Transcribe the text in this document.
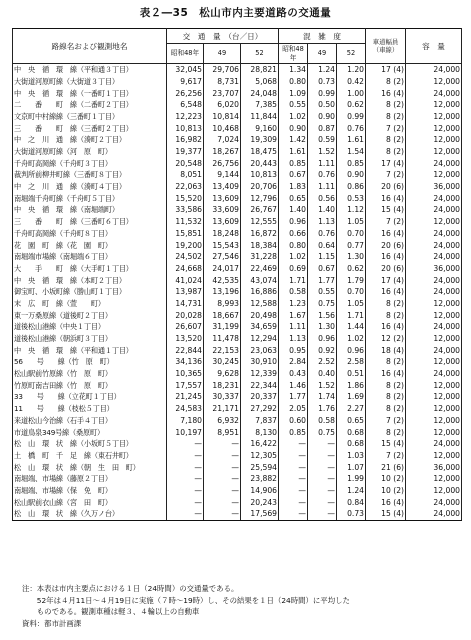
表２―35　松山市内主要道路の交通量
路線名および観測地名	交　通　量　（台／日）			混　雑　度			車道幅員（車線）	容　量
	昭和48年	49	52	昭和48年	49	52		
中　央　循　環　線（平和通３丁目）	32,045	29,706	28,821	1.34	1.24	1.20	17 (4)	24,000
大街道河原町線（大街道３丁目）	9,617	8,731	5,068	0.80	0.73	0.42	8 (2)	12,000
中　央　循　環　線（一番町１丁目）	26,256	23,707	24,048	1.09	0.99	1.00	16 (4)	24,000
二　　番　　町　線（二番町２丁目）	6,548	6,020	7,385	0.55	0.50	0.62	8 (2)	12,000
文京町中村線線（三番町１丁目）	12,223	10,814	11,844	1.02	0.90	0.99	8 (2)	12,000
三　　番　　町　線（三番町２丁目）	10,813	10,468	9,160	0.90	0.87	0.76	7 (2)	12,000
中　之　川　通　線（湊町２丁目）	16,982	7,024	19,309	1.42	0.59	1.61	8 (2)	12,000
大街道河原町線（河　原　町）	19,377	18,267	18,475	1.61	1.52	1.54	8 (2)	12,000
千舟町高岡線（千舟町３丁目）	20,548	26,756	20,443	0.85	1.11	0.85	17 (4)	24,000
裁判所前柳井町線（三番町８丁目）	8,051	9,144	10,813	0.67	0.76	0.90	7 (2)	12,000
中　之　川　通　線（湊町４丁目）	22,063	13,409	20,706	1.83	1.11	0.86	20 (6)	36,000
南堀端千舟町線（千舟町５丁目）	15,520	13,609	12,796	0.65	0.56	0.53	16 (4)	24,000
中　央　循　環　線（南堀端町）	33,586	33,609	26,767	1.40	1.40	1.12	15 (4)	24,000
三　　番　　町　線（三番町６丁目）	11,532	13,609	12,555	0.96	1.13	1.05	7 (2)	12,000
千舟町高岡線（千舟町８丁目）	15,851	18,248	16,872	0.66	0.76	0.70	16 (4)	24,000
花　園　町　線（花　園　町）	19,200	15,543	18,384	0.80	0.64	0.77	20 (6)	24,000
南堀端市場線（南堀端６丁目）	24,502	27,546	31,228	1.02	1.15	1.30	16 (4)	24,000
大　　手　　町　線（大手町１丁目）	24,668	24,017	22,469	0.69	0.67	0.62	20 (6)	36,000
中　央　循　環　線（本町２丁目）	41,024	42,535	43,074	1.71	1.77	1.79	17 (4)	24,000
御宝町、小坂町線（勝山町１丁目）	13,987	13,196	16,886	0.58	0.55	0.70	16 (4)	24,000
末　広　町　線（萱　　町）	14,731	8,993	12,588	1.23	0.75	1.05	8 (2)	12,000
東一万桑原線（道後町２丁目）	20,028	18,667	20,498	1.67	1.56	1.71	8 (2)	12,000
道後松山港線（中央１丁目）	26,607	31,199	34,659	1.11	1.30	1.44	16 (4)	24,000
道後松山港線（朝浜町３丁目）	13,520	11,478	12,294	1.13	0.96	1.02	12 (2)	12,000
中　央　循　環　線（平和通１丁目）	22,844	22,153	23,063	0.95	0.92	0.96	18 (4)	24,000
56　　号　　線（竹　原　町）	34,136	30,245	30,910	2.84	2.52	2.58	8 (2)	12,000
松山駅前竹原線（竹　原　町）	10,365	9,628	12,339	0.43	0.40	0.51	16 (4)	24,000
竹原町南吉田線（竹　原　町）	17,557	18,231	22,344	1.46	1.52	1.86	8 (2)	12,000
33　　号　　線（立花町１丁目）	21,245	30,337	20,337	1.77	1.74	1.69	8 (2)	12,000
11　　号　　線（枝松５丁目）	24,583	21,171	27,292	2.05	1.76	2.27	8 (2)	12,000
来道松山今治線（石手４丁目）	7,180	6,932	7,837	0.60	0.58	0.65	7 (2)	12,000
市道鳥泉349号線（桑原町）	10,197	8,951	8,130	0.85	0.75	0.68	8 (2)	12,000
松　山　環　状　線（小坂町５丁目）	—	—	16,422	—	—	0.68	15 (4)	24,000
土　橋　町　千　足　線（東石井町）	—	—	12,305	—	—	1.03	7 (2)	12,000
松　山　環　状　線（朝　生　田　町）	—	—	25,594	—	—	1.07	21 (6)	36,000
南堀端、市場線（藤原２丁目）	—	—	23,882	—	—	1.99	10 (2)	12,000
南堀端、市場線（保　免　町）	—	—	14,906	—	—	1.24	10 (2)	12,000
松山駅前衣山線（宮　田　町）	—	—	20,243	—	—	0.84	16 (4)	24,000
松　山　環　状　線（久万ノ台）	—	—	17,569	—	—	0.73	15 (4)	24,000
注：本表は市内主要点における１日（24時間）の交通量である。
　　52年は４月11日～４月19日に実施（７時～19時）し、その結果を１日（24時間）に平均した
　　ものである。観測車種は軽３、４輪以上の自動車
資料：都市計画課
